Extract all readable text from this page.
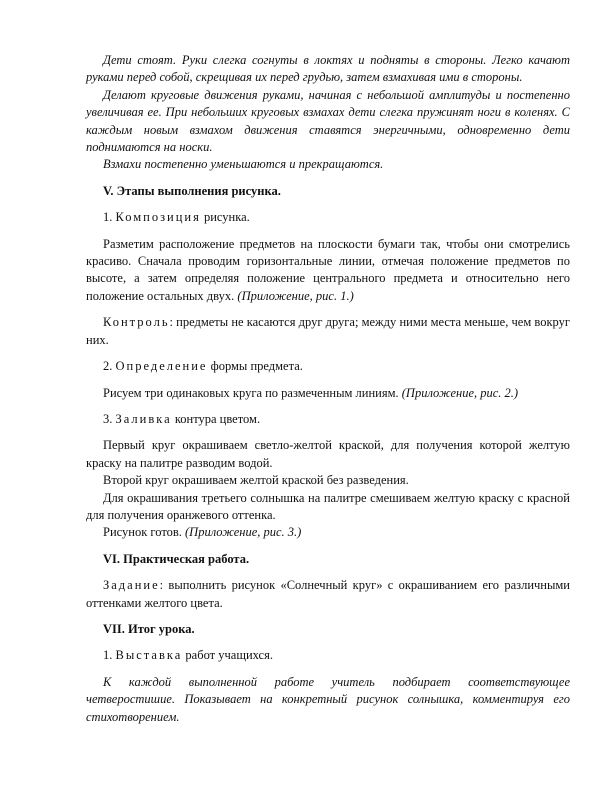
Дети стоят. Руки слегка согнуты в локтях и подняты в стороны. Легко качают руками перед собой, скрещивая их перед грудью, затем взмахивая ими в стороны.

Делают круговые движения руками, начиная с небольшой амплитуды и постепенно увеличивая ее. При небольших круговых взмахах дети слегка пружинят ноги в коленях. С каждым новым взмахом движения ставятся энергичными, одновременно дети поднимаются на носки.

Взмахи постепенно уменьшаются и прекращаются.

V. Этапы выполнения рисунка.

1. Композиция рисунка.

Разметим расположение предметов на плоскости бумаги так, чтобы они смотрелись красиво. Сначала проводим горизонтальные линии, отмечая положение предметов по высоте, а затем определяя положение центрального предмета и относительно него положение остальных двух. (Приложение, рис. 1.)

Контроль: предметы не касаются друг друга; между ними места меньше, чем вокруг них.

2. Определение формы предмета.

Рисуем три одинаковых круга по размеченным линиям. (Приложение, рис. 2.)

3. Заливка контура цветом.

Первый круг окрашиваем светло-желтой краской, для получения которой желтую краску на палитре разводим водой.

Второй круг окрашиваем желтой краской без разведения.

Для окрашивания третьего солнышка на палитре смешиваем желтую краску с красной для получения оранжевого оттенка.

Рисунок готов. (Приложение, рис. 3.)

VI. Практическая работа.

Задание: выполнить рисунок «Солнечный круг» с окрашиванием его различными оттенками желтого цвета.

VII. Итог урока.

1. Выставка работ учащихся.

К каждой выполненной работе учитель подбирает соответствующее четверостишие. Показывает на конкретный рисунок солнышка, комментируя его стихотворением.
